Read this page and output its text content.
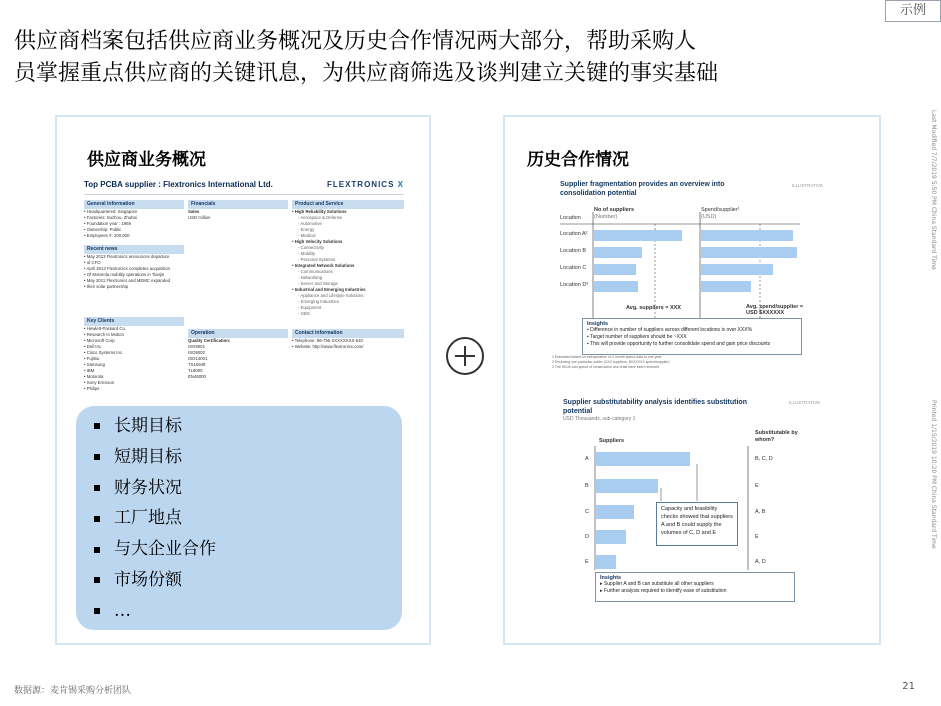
示例
供应商档案包括供应商业务概况及历史合作情况两大部分，帮助采购人
员掌握重点供应商的关键讯息，为供应商筛选及谈判建立关键的事实基础
Last Modified 7/7/2019 5:50 PM China Standard Time
Printed 1/15/2019 10:20 PM China Standard Time
供应商业务概况
Top PCBA supplier : Flextronics International Ltd.	FLEXTRONICS X
General information
• Headquartered: Singapore
• Factories: Suzhou, Zhuhai
• Foundation year : 1969
• Ownership: Public
• Employees #: 200,000
Recent news
• May 2013 Flextronics announces departure
• of CFO
• April 2013 Flextronics completes acquisition
• Of Motorola mobility operations in Tianjin
• May 2011 Flextronics and MEMC expanded
• their solar partnership
Key Clients
• Hewlett-Packard Co.
• Research In Motion
• Microsoft Corp
• Dell Inc.
• Cisco Systems Inc.
• Fujitsu
• Samsung
• IBM
• Motorola
• Sony Ericsson
• Philips
Financials
Sales
USD million
Operation
Quality Certification:
ISO9001
ISO9002
ISO14001
TS16949
TL9000
EN46000
Product and Service
• High Reliability Solutions
- Aerospace & Defense
- Automotive
- Energy
- Medical
• High Velocity Solutions
- Connectivity
- Mobility
- Personal Systems
• Integrated Network Solutions
- Communications
- Networking
- Server and Storage
• Industrial and Emerging Industries
- Appliance and Lifestyle Solutions
- Emerging Industries
- Equipment
- GBS
Contact information
• Telephone: 86-755 XXXXXXXX-610
• Website: http://www.flextronics.com/
长期目标
短期目标
财务状况
工厂地点
与大企业合作
市场份额
…
历史合作情况
Supplier fragmentation provides an overview into consolidation potential
ILLUSTRATIVE
No of suppliers
(Number)
Spend/supplier¹
(USD)
Location
Location A²
Location B
Location C
Location D³
Avg. suppliers = XXX	Avg. spend/supplier = USD $XXXXXX
Insights
▪ Difference in number of suppliers across different locations is over XXX%
▪ Target number of suppliers should be ~XXX
▪ This will provide opportunity to further consolidate spend and gain price discounts
1 Estimated based on extrapolation of X month spend data to one year
2 Excluding one particular outlier (XXX suppliers, $XXXXXX spend/supplier)
3 The SKUs and spend of construction and retail have been removed
Supplier substitutability analysis identifies substitution potential
USD Thousands, sub-category 1
ILLUSTRATIVE
Suppliers
Substitutable by whom?
A
B
C
D
E
B, C, D
E
A, B
E
A, D
Capacity and feasibility checks showed that suppliers A and B could supply the volumes of C, D and E
Insights
▸ Supplier A and B can substitute all other suppliers
▸ Further analysis required to identify ease of substitution
数据源：麦肯锡采购分析团队	21
